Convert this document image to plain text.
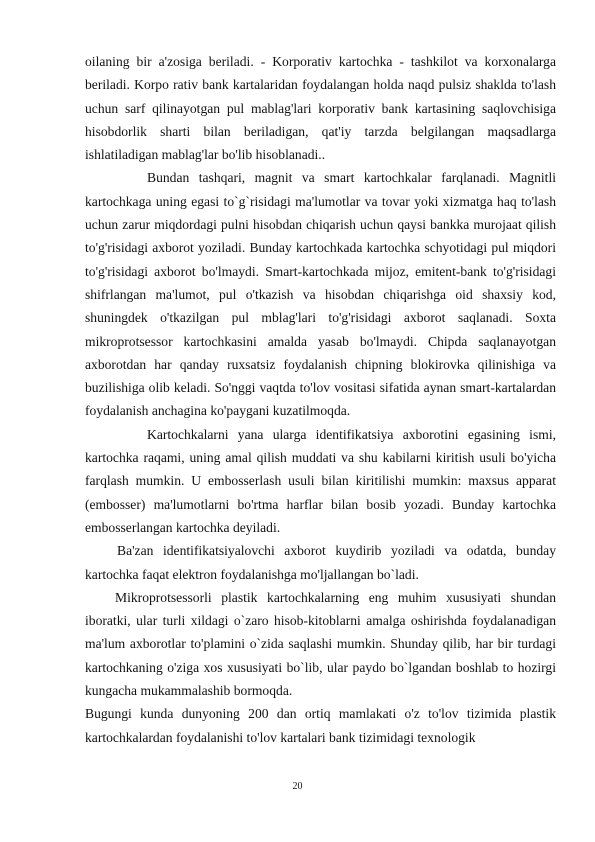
oilaning bir a'zosiga beriladi. - Korporativ kartochka - tashkilot va korxonalarga beriladi. Korpo rativ bank kartalaridan foydalangan holda naqd pulsiz shaklda to'lash uchun sarf qilinayotgan pul mablag'lari korporativ bank kartasining saqlovchisiga hisobdorlik sharti bilan beriladigan, qat'iy tarzda belgilangan maqsadlarga ishlatiladigan mablag'lar bo'lib hisoblanadi..

Bundan tashqari, magnit va smart kartochkalar farqlanadi. Magnitli kartochkaga uning egasi to`g`risidagi ma'lumotlar va tovar yoki xizmatga haq to'lash uchun zarur miqdordagi pulni hisobdan chiqarish uchun qaysi bankka murojaat qilish to'g'risidagi axborot yoziladi. Bunday kartochkada kartochka schyotidagi pul miqdori to'g'risidagi axborot bo'lmaydi. Smart-kartochkada mijoz, emitent-bank to'g'risidagi shifrlangan ma'lumot, pul o'tkazish va hisobdan chiqarishga oid shaxsiy kod, shuningdek o'tkazilgan pul mblag'lari to'g'risidagi axborot saqlanadi. Soxta mikroprotsessor kartochkasini amalda yasab bo'lmaydi. Chipda saqlanayotgan axborotdan har qanday ruxsatsiz foydalanish chipning blokirovka qilinishiga va buzilishiga olib keladi. So'nggi vaqtda to'lov vositasi sifatida aynan smart-kartalardan foydalanish anchagina ko'paygani kuzatilmoqda.

Kartochkalarni yana ularga identifikatsiya axborotini egasining ismi, kartochka raqami, uning amal qilish muddati va shu kabilarni kiritish usuli bo'yicha farqlash mumkin. U embosserlash usuli bilan kiritilishi mumkin: maxsus apparat (embosser) ma'lumotlarni bo'rtma harflar bilan bosib yozadi. Bunday kartochka embosserlangan kartochka deyiladi.

Ba'zan identifikatsiyalovchi axborot kuydirib yoziladi va odatda, bunday kartochka faqat elektron foydalanishga mo'ljallangan bo`ladi.

Mikroprotsessorli plastik kartochkalarning eng muhim xususiyati shundan iboratki, ular turli xildagi o`zaro hisob-kitoblarni amalga oshirishda foydalanadigan ma'lum axborotlar to'plamini o`zida saqlashi mumkin. Shunday qilib, har bir turdagi kartochkaning o'ziga xos xususiyati bo`lib, ular paydo bo`lgandan boshlab to hozirgi kungacha mukammalashib bormoqda.

Bugungi kunda dunyoning 200 dan ortiq mamlakati o'z to'lov tizimida plastik kartochkalardan foydalanishi to'lov kartalari bank tizimidagi texnologik

20
